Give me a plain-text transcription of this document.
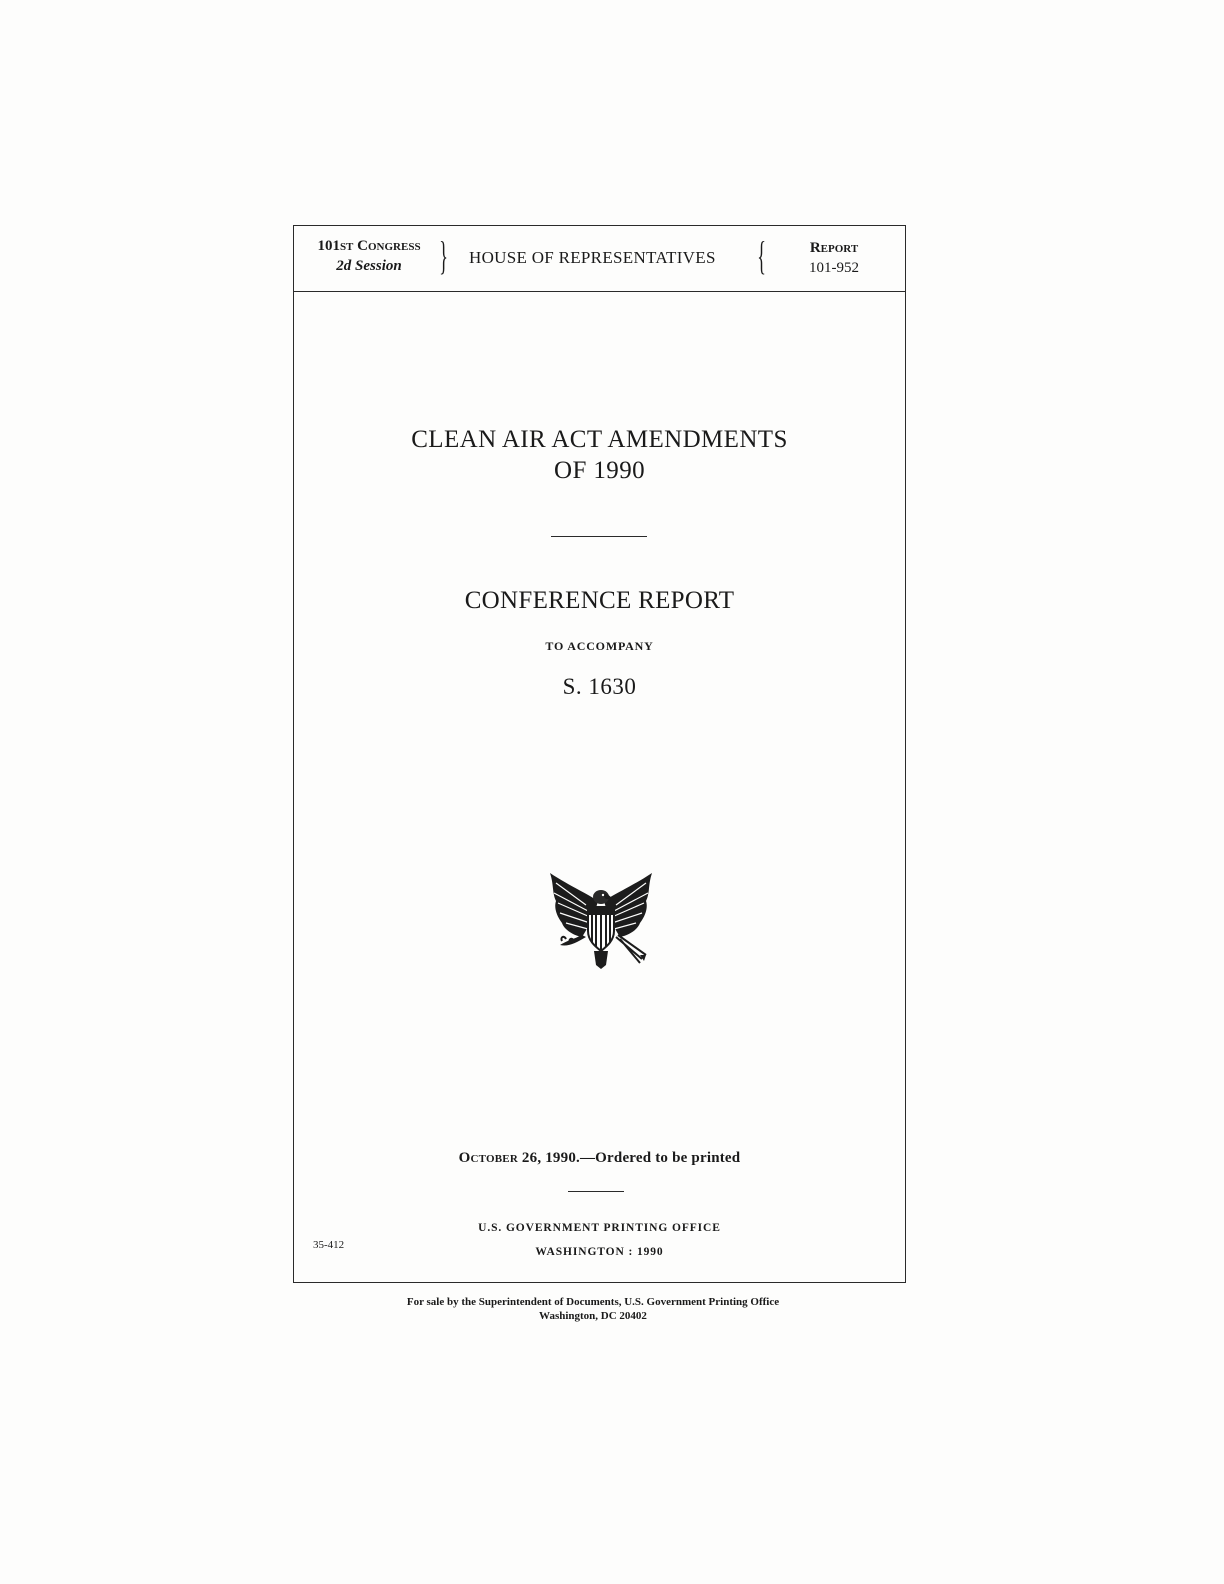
101st Congress
2d Session } HOUSE OF REPRESENTATIVES {	Report
101-952
CLEAN AIR ACT AMENDMENTS
OF 1990
CONFERENCE REPORT
TO ACCOMPANY
S. 1630
October 26, 1990.—Ordered to be printed
U.S. GOVERNMENT PRINTING OFFICE
WASHINGTON : 1990
35-412
For sale by the Superintendent of Documents, U.S. Government Printing Office
Washington, DC 20402
